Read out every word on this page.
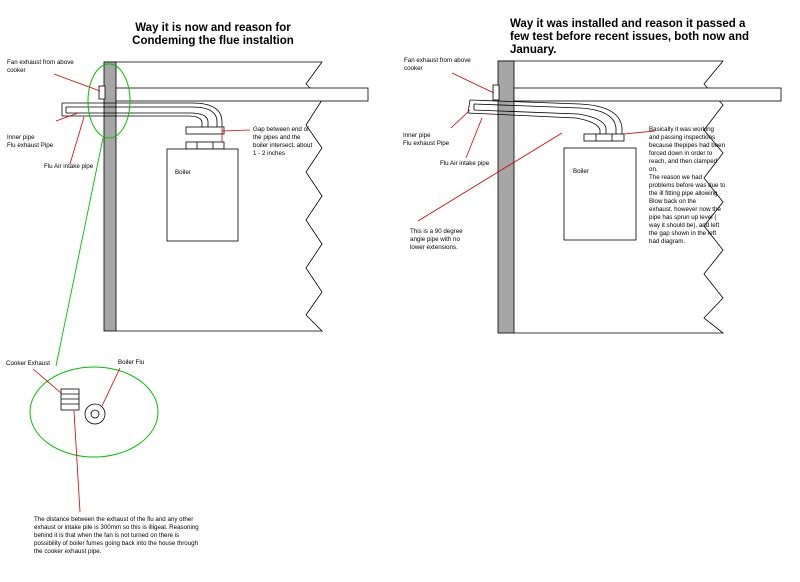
Way it is now and reason for
Condeming the flue instaltion
Boiler
Fan exhaust from above
cooker
Inner pipe
Flu exhaust Pipe
Flu Air intake pipe
Gap between end of
the pipes and the
boiler intersect, about
1 - 2 inches
Cooker Exhaust	Boiler Flu
The distance between the exhaust of the flu and any other
exhaust or intake pile is 300mm so this is illigeal. Reasoning
behind it is that when the fan is not turned on there is
possibility of boiler fumes going back into the house through
the cooker exhaust pipe.
Way it was installed and reason it passed a
few test before recent issues, both now and
January.
Boiler
Fan exhaust from above
cooker
Inner pipe
Flu exhaust Pipe
Flu Air intake pipe
This is a 90 degree
angle pipe with no
lower extensions.
Basically it was working
and passing inspections
because thepipes had been
forced down in order to
reach, and then clamped
on.
The reason we had
problems before was due to
the ill fitting pipe allowing
Blow back on the
exhaust. however now the
pipe has sprun up level (
way it should be), and left
the gap shown in the left
had diagram.
